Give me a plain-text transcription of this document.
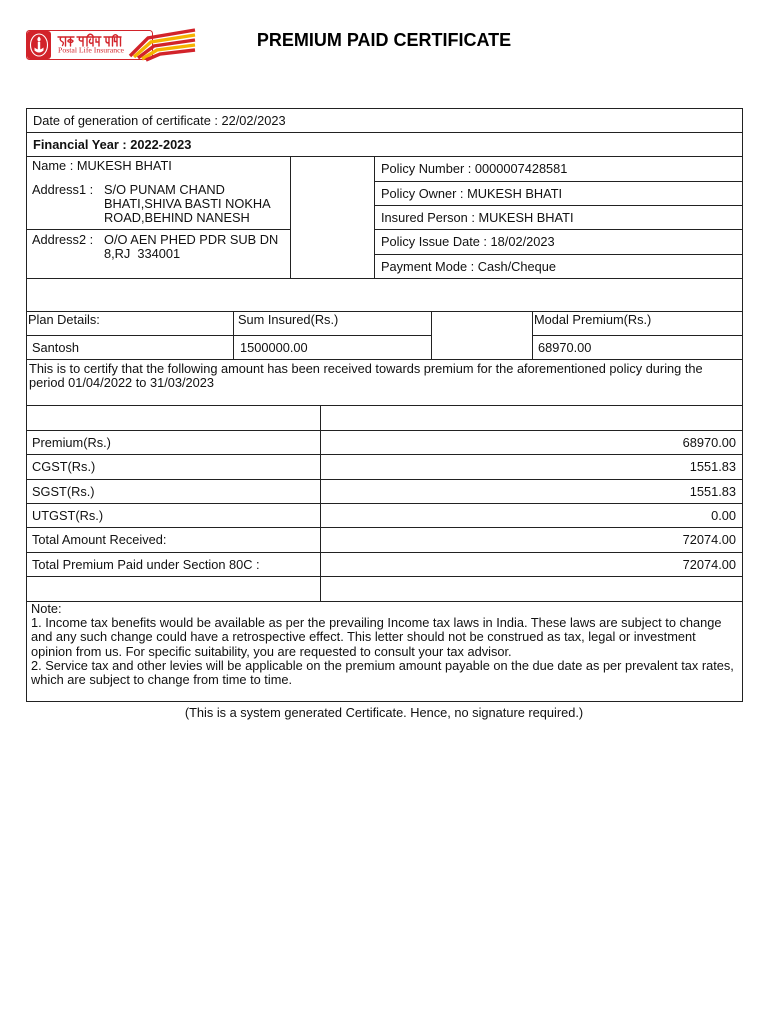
Postal Life Insurance	PREMIUM PAID CERTIFICATE
Date of generation of certificate : 22/02/2023
Financial Year : 2022-2023
Name : MUKESH BHATI
Address1 : S/O PUNAM CHAND
BHATI,SHIVA BASTI NOKHA
ROAD,BEHIND NANESH
Address2 : O/O AEN PHED PDR SUB DN
8,RJ  334001
Policy Number : 0000007428581
Policy Owner : MUKESH BHATI
Insured Person : MUKESH BHATI
Policy Issue Date : 18/02/2023
Payment Mode : Cash/Cheque
Plan Details:	Sum Insured(Rs.)	Modal Premium(Rs.)
Santosh	1500000.00	68970.00
This is to certify that the following amount has been received towards premium for the aforementioned policy during the
period 01/04/2022 to 31/03/2023
Premium(Rs.)	68970.00
CGST(Rs.)	1551.83
SGST(Rs.)	1551.83
UTGST(Rs.)	0.00
Total Amount Received:	72074.00
Total Premium Paid under Section 80C :	72074.00
Note:
1. Income tax benefits would be available as per the prevailing Income tax laws in India. These laws are subject to change
and any such change could have a retrospective effect. This letter should not be construed as tax, legal or investment
opinion from us. For specific suitability, you are requested to consult your tax advisor.
2. Service tax and other levies will be applicable on the premium amount payable on the due date as per prevalent tax rates,
which are subject to change from time to time.
(This is a system generated Certificate. Hence, no signature required.)
